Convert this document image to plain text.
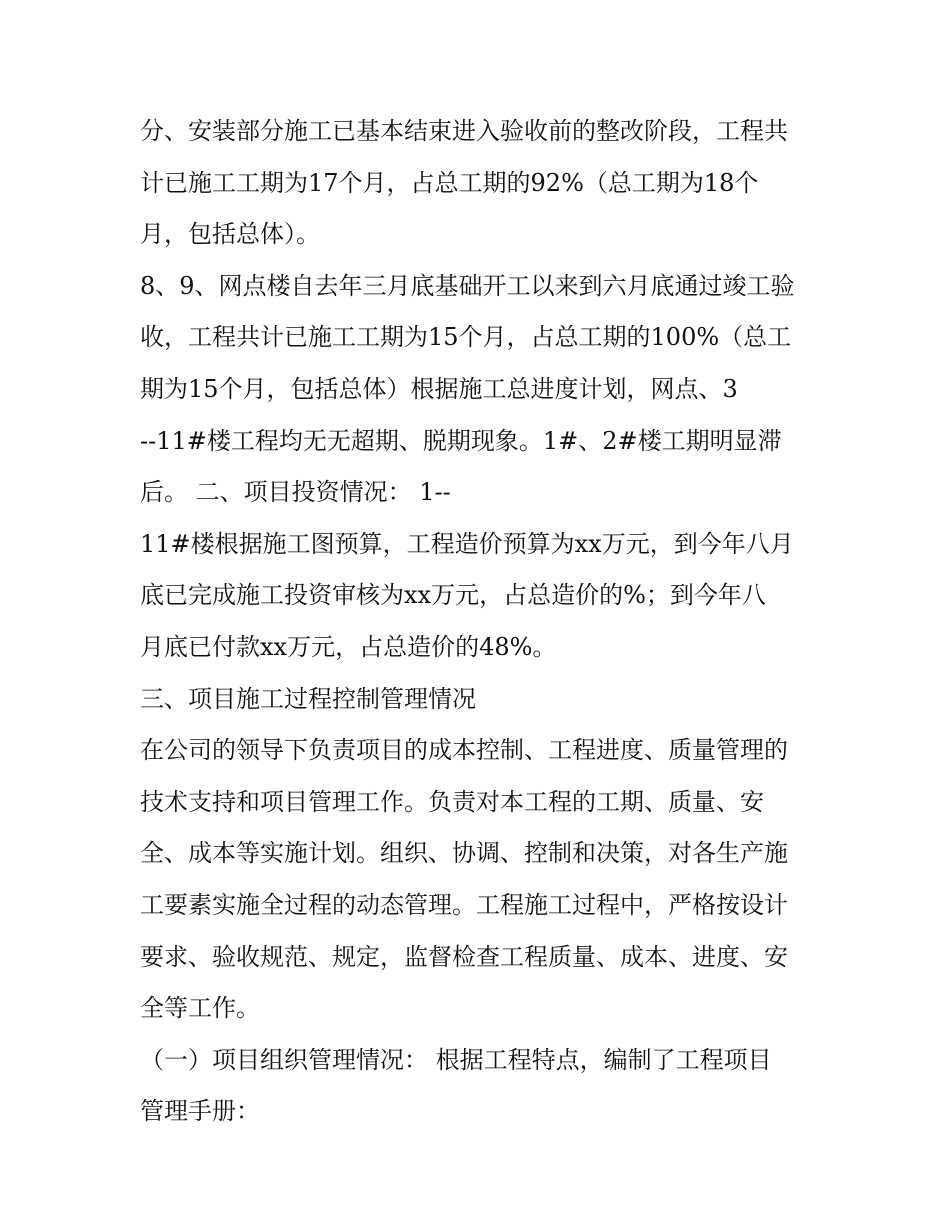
分、安装部分施工已基本结束进入验收前的整改阶段，工程共
计已施工工期为17个月，占总工期的92%（总工期为18个
月，包括总体）。
8、9、网点楼自去年三月底基础开工以来到六月底通过竣工验
收，工程共计已施工工期为15个月，占总工期的100%（总工
期为15个月，包括总体）根据施工总进度计划，网点、3
--11#楼工程均无无超期、脱期现象。1#、2#楼工期明显滞
后。 二、项目投资情况： 1--
11#楼根据施工图预算，工程造价预算为xx万元，到今年八月
底已完成施工投资审核为xx万元，占总造价的%；到今年八
月底已付款xx万元，占总造价的48%。
三、项目施工过程控制管理情况
在公司的领导下负责项目的成本控制、工程进度、质量管理的
技术支持和项目管理工作。负责对本工程的工期、质量、安
全、成本等实施计划。组织、协调、控制和决策，对各生产施
工要素实施全过程的动态管理。工程施工过程中，严格按设计
要求、验收规范、规定，监督检查工程质量、成本、进度、安
全等工作。
（一）项目组织管理情况： 根据工程特点，编制了工程项目
管理手册：
